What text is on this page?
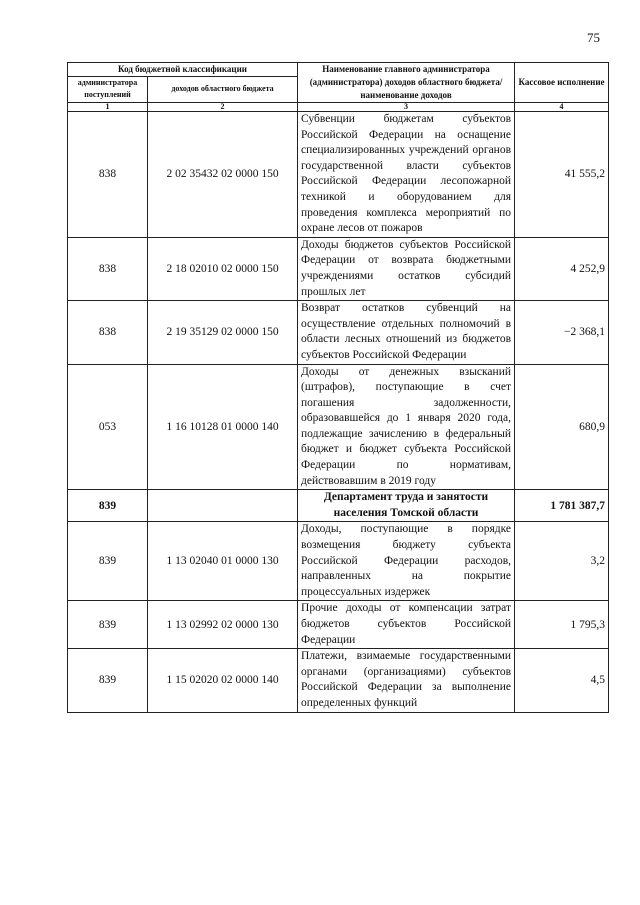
75
Код бюджетной классификации		Наименование главного администратора (администратора) доходов областного бюджета/ наименование доходов	Кассовое исполнение
администратора поступлений	доходов областного бюджета		
1	2	3	4
838	2 02 35432 02 0000 150	Субвенции бюджетам субъектов Российской Федерации на оснащение специализированных учреждений органов государственной власти субъектов Российской Федерации лесопожарной техникой и оборудованием для проведения комплекса мероприятий по охране лесов от пожаров	41 555,2
838	2 18 02010 02 0000 150	Доходы бюджетов субъектов Российской Федерации от возврата бюджетными учреждениями остатков субсидий прошлых лет	4 252,9
838	2 19 35129 02 0000 150	Возврат остатков субвенций на осуществление отдельных полномочий в области лесных отношений из бюджетов субъектов Российской Федерации	−2 368,1
053	1 16 10128 01 0000 140	Доходы от денежных взысканий (штрафов), поступающие в счет погашения задолженности, образовавшейся до 1 января 2020 года, подлежащие зачислению в федеральный бюджет и бюджет субъекта Российской Федерации по нормативам, действовавшим в 2019 году	680,9
839		Департамент труда и занятости населения Томской области	1 781 387,7
839	1 13 02040 01 0000 130	Доходы, поступающие в порядке возмещения бюджету субъекта Российской Федерации расходов, направленных на покрытие процессуальных издержек	3,2
839	1 13 02992 02 0000 130	Прочие доходы от компенсации затрат бюджетов субъектов Российской Федерации	1 795,3
839	1 15 02020 02 0000 140	Платежи, взимаемые государственными органами (организациями) субъектов Российской Федерации за выполнение определенных функций	4,5
